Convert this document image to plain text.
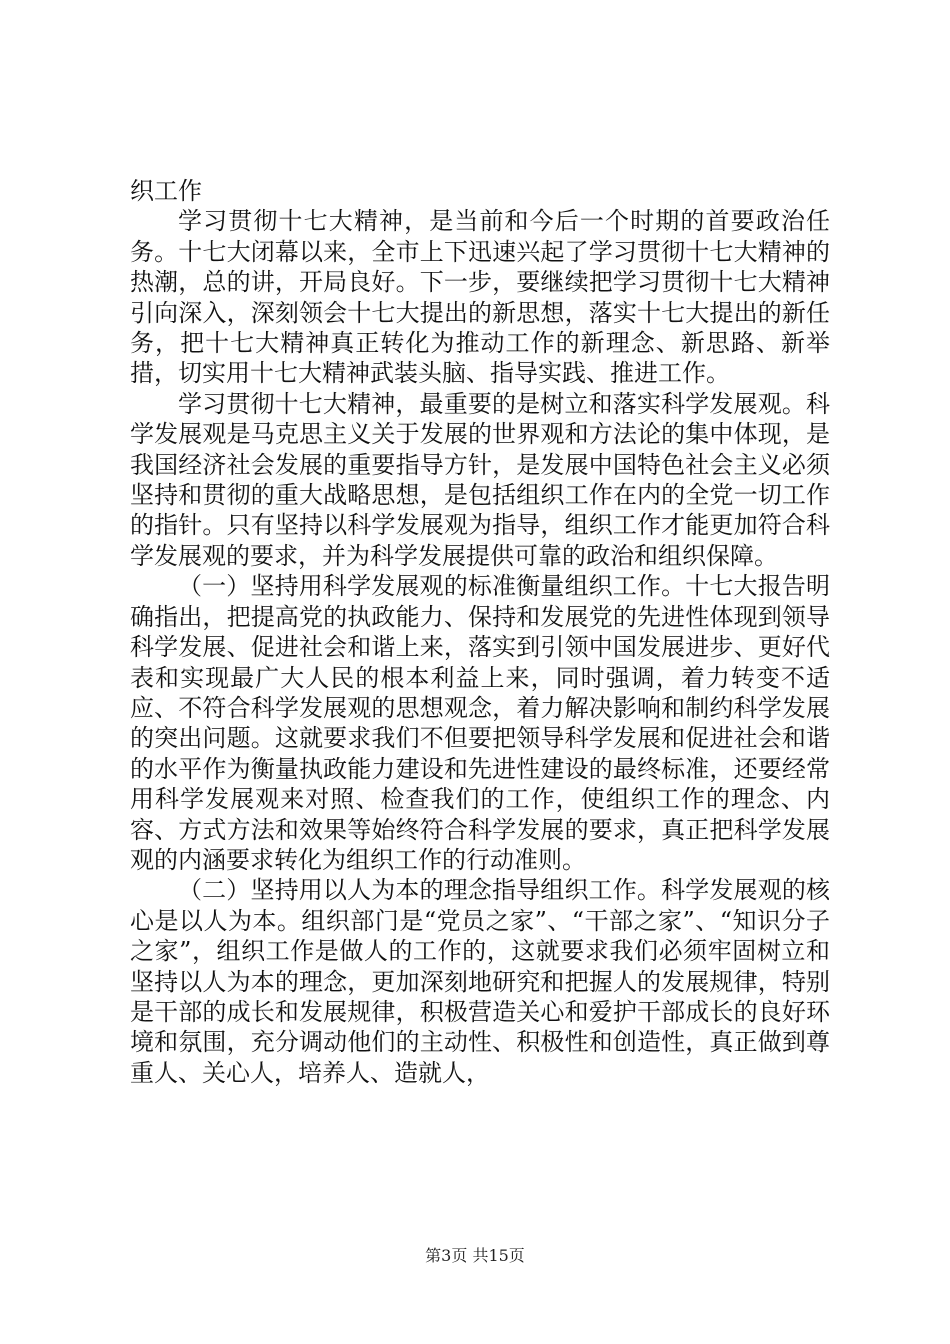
织工作

学习贯彻十七大精神，是当前和今后一个时期的首要政治任务。十七大闭幕以来，全市上下迅速兴起了学习贯彻十七大精神的热潮，总的讲，开局良好。下一步，要继续把学习贯彻十七大精神引向深入，深刻领会十七大提出的新思想，落实十七大提出的新任务，把十七大精神真正转化为推动工作的新理念、新思路、新举措，切实用十七大精神武装头脑、指导实践、推进工作。

学习贯彻十七大精神，最重要的是树立和落实科学发展观。科学发展观是马克思主义关于发展的世界观和方法论的集中体现，是我国经济社会发展的重要指导方针，是发展中国特色社会主义必须坚持和贯彻的重大战略思想，是包括组织工作在内的全党一切工作的指针。只有坚持以科学发展观为指导，组织工作才能更加符合科学发展观的要求，并为科学发展提供可靠的政治和组织保障。

（一）坚持用科学发展观的标准衡量组织工作。十七大报告明确指出，把提高党的执政能力、保持和发展党的先进性体现到领导科学发展、促进社会和谐上来，落实到引领中国发展进步、更好代表和实现最广大人民的根本利益上来，同时强调，着力转变不适应、不符合科学发展观的思想观念，着力解决影响和制约科学发展的突出问题。这就要求我们不但要把领导科学发展和促进社会和谐的水平作为衡量执政能力建设和先进性建设的最终标准，还要经常用科学发展观来对照、检查我们的工作，使组织工作的理念、内容、方式方法和效果等始终符合科学发展的要求，真正把科学发展观的内涵要求转化为组织工作的行动准则。

（二）坚持用以人为本的理念指导组织工作。科学发展观的核心是以人为本。组织部门是“党员之家”、“干部之家”、“知识分子之家”，组织工作是做人的工作的，这就要求我们必须牢固树立和坚持以人为本的理念，更加深刻地研究和把握人的发展规律，特别是干部的成长和发展规律，积极营造关心和爱护干部成长的良好环境和氛围，充分调动他们的主动性、积极性和创造性，真正做到尊重人、关心人，培养人、造就人，

第3页 共15页
